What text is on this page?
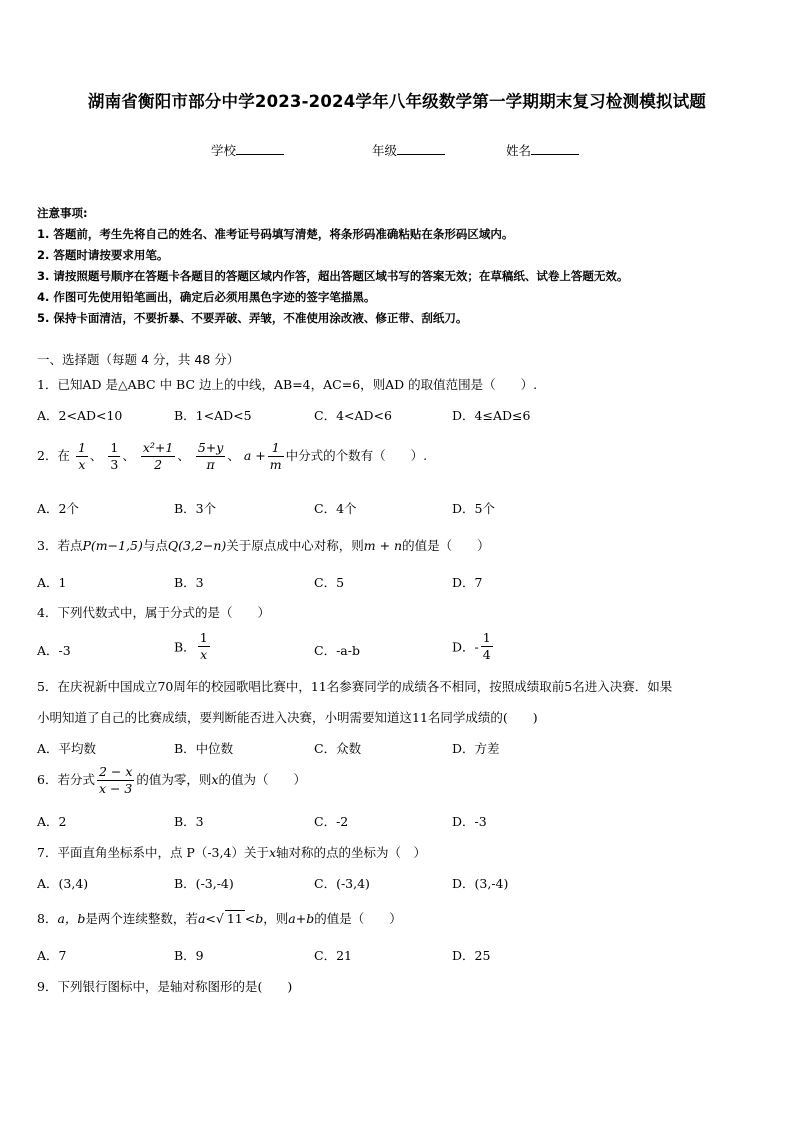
湖南省衡阳市部分中学2023-2024学年八年级数学第一学期期末复习检测模拟试题
学校	年级	姓名
注意事项:
1. 答题前，考生先将自己的姓名、准考证号码填写清楚，将条形码准确粘贴在条形码区域内。
2. 答题时请按要求用笔。
3. 请按照题号顺序在答题卡各题目的答题区域内作答，超出答题区域书写的答案无效；在草稿纸、试卷上答题无效。
4. 作图可先使用铅笔画出，确定后必须用黑色字迹的签字笔描黑。
5. 保持卡面清洁，不要折暴、不要弄破、弄皱，不准使用涂改液、修正带、刮纸刀。
一、选择题（每题 4 分，共 48 分）
1．已知AD 是△ABC 中 BC 边上的中线，AB=4，AC=6，则AD 的取值范围是（　　）.
A．2<AD<10	B．1<AD<5	C．4<AD<6	D．4≤AD≤6
2．在 $\frac{1}{x}$ 、 $\frac{1}{3}$ 、 $\frac{\text{x²+1}}{2}$ 、 $\frac{5+y}{\pi}$ 、 $a + \frac{1}{m}$ 中分式的个数有（　　）.
A．2个	B．3个	C．4个	D．5个
3．若点P(m−1,5)与点Q(3,2−n)关于原点成中心对称，则m + n的值是（　　）
A．1	B．3	C．5	D．7
4．下列代数式中，属于分式的是（　　）
A．‐3	B． $\frac{1}{x}$	C．‐a‐b	D．‐ $\frac{1}{4}$
5．在庆祝新中国成立70周年的校园歌唱比赛中，11名参赛同学的成绩各不相同，按照成绩取前5名进入决赛．如果
小明知道了自己的比赛成绩，要判断能否进入决赛，小明需要知道这11名同学成绩的(　　)
A．平均数	B．中位数	C．众数	D．方差
6．若分式 $\frac{2 - x}{x - 3}$ 的值为零，则x的值为（　　）
A．2	B．3	C．‐2	D．‐3
7．平面直角坐标系中，点 P（-3,4）关于x轴对称的点的坐标为（　）
A．(3,4)	B．(-3,-4)	C．(-3,4)	D．(3,-4)
8．a，b是两个连续整数，若a<√ 11 <b，则a+b的值是（　　）
A．7	B．9	C．21	D．25
9．下列银行图标中，是轴对称图形的是(　　)
